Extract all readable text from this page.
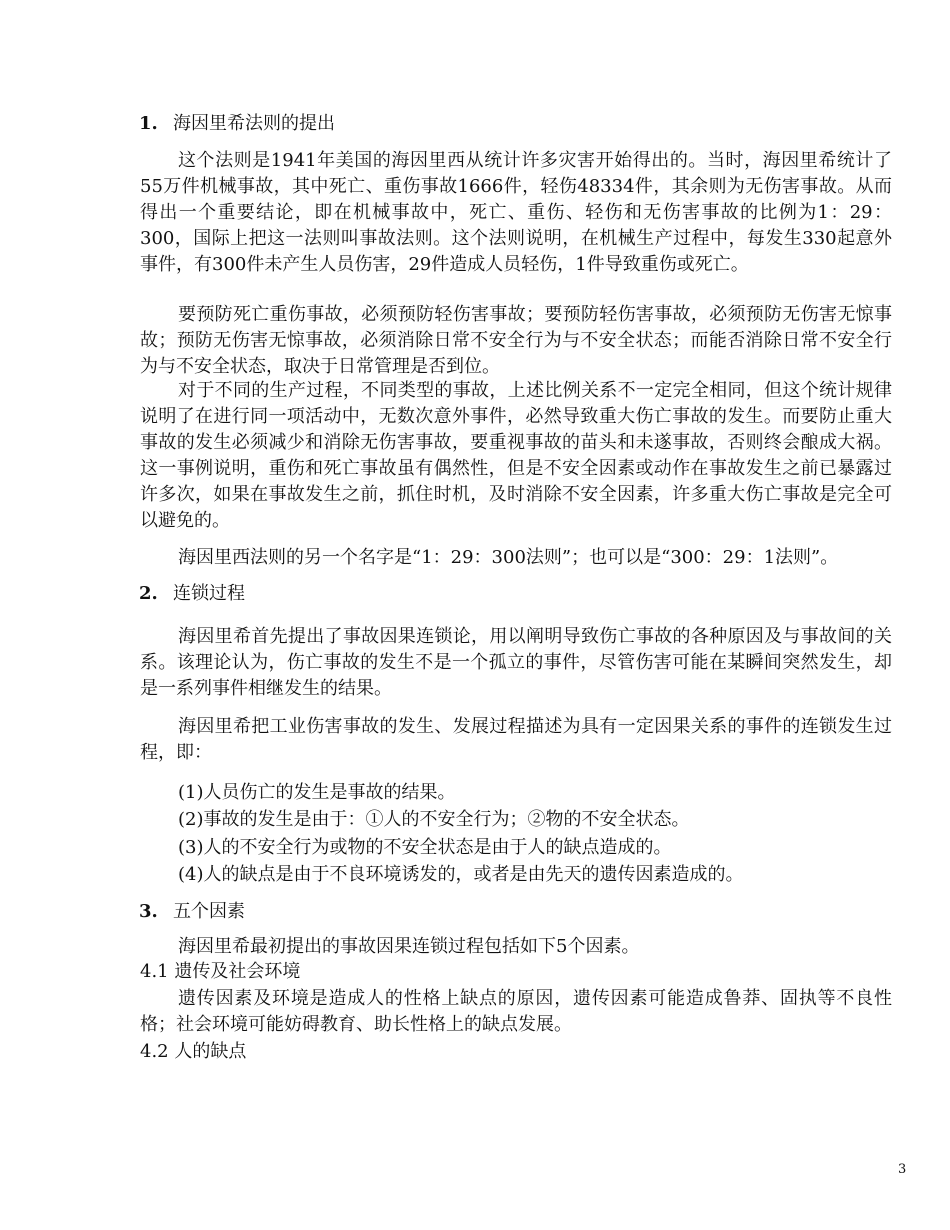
1. 海因里希法则的提出
这个法则是1941年美国的海因里西从统计许多灾害开始得出的。当时，海因里希统计了55万件机械事故，其中死亡、重伤事故1666件，轻伤48334件，其余则为无伤害事故。从而得出一个重要结论，即在机械事故中，死亡、重伤、轻伤和无伤害事故的比例为1：29：300，国际上把这一法则叫事故法则。这个法则说明，在机械生产过程中，每发生330起意外事件，有300件未产生人员伤害，29件造成人员轻伤，1件导致重伤或死亡。
要预防死亡重伤事故，必须预防轻伤害事故；要预防轻伤害事故，必须预防无伤害无惊事故；预防无伤害无惊事故，必须消除日常不安全行为与不安全状态；而能否消除日常不安全行为与不安全状态，取决于日常管理是否到位。
对于不同的生产过程，不同类型的事故，上述比例关系不一定完全相同，但这个统计规律说明了在进行同一项活动中，无数次意外事件，必然导致重大伤亡事故的发生。而要防止重大事故的发生必须减少和消除无伤害事故，要重视事故的苗头和未遂事故，否则终会酿成大祸。这一事例说明，重伤和死亡事故虽有偶然性，但是不安全因素或动作在事故发生之前已暴露过许多次，如果在事故发生之前，抓住时机，及时消除不安全因素，许多重大伤亡事故是完全可以避免的。
海因里西法则的另一个名字是“1：29：300法则”；也可以是“300：29：1法则”。
2. 连锁过程
海因里希首先提出了事故因果连锁论，用以阐明导致伤亡事故的各种原因及与事故间的关系。该理论认为，伤亡事故的发生不是一个孤立的事件，尽管伤害可能在某瞬间突然发生，却是一系列事件相继发生的结果。
海因里希把工业伤害事故的发生、发展过程描述为具有一定因果关系的事件的连锁发生过程，即：
(1)人员伤亡的发生是事故的结果。
(2)事故的发生是由于：①人的不安全行为；②物的不安全状态。
(3)人的不安全行为或物的不安全状态是由于人的缺点造成的。
(4)人的缺点是由于不良环境诱发的，或者是由先天的遗传因素造成的。
3. 五个因素
海因里希最初提出的事故因果连锁过程包括如下5个因素。
4.1 遗传及社会环境
遗传因素及环境是造成人的性格上缺点的原因，遗传因素可能造成鲁莽、固执等不良性格；社会环境可能妨碍教育、助长性格上的缺点发展。
4.2 人的缺点
3
